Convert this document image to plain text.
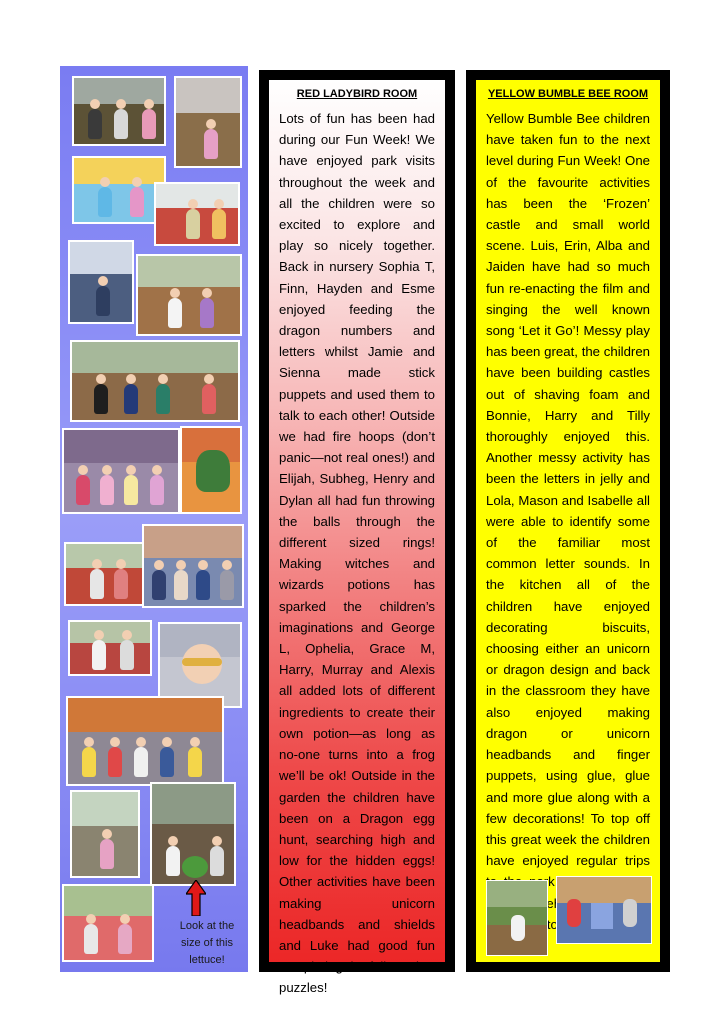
Look at the size of this lettuce!
RED LADYBIRD ROOM
Lots of fun has been had during our Fun Week! We have enjoyed park visits throughout the week and all the children were so excited to explore and play so nicely together. Back in nursery Sophia T, Finn, Hayden and Esme enjoyed feeding the dragon numbers and letters whilst Jamie and Sienna made stick puppets and used them to talk to each other! Outside we had fire hoops (don’t panic—not real ones!) and Elijah, Subheg, Henry and Dylan all had fun throwing the balls through the different sized rings! Making witches and wizards potions has sparked the children’s imaginations and George L, Ophelia, Grace M, Harry, Murray and Alexis all added lots of different ingredients to create their own potion—as long as no-one turns into a frog we’ll be ok! Outside in the garden the children have been on a Dragon egg hunt, searching high and low for the hidden eggs! Other activities have been making unicorn headbands and shields and Luke had good fun completing the foil number puzzles!
YELLOW BUMBLE BEE ROOM
Yellow Bumble Bee children have taken fun to the next level during Fun Week! One of the favourite activities has been the ‘Frozen’ castle and small world scene. Luis, Erin, Alba and Jaiden have had so much fun re-enacting the film and singing the well known song ‘Let it Go’! Messy play has been great, the children have been building castles out of shaving foam and Bonnie, Harry and Tilly thoroughly enjoyed this. Another messy activity has been the letters in jelly and Lola, Mason and Isabelle all were able to identify some of the familiar most common letter sounds. In the kitchen all of the children have enjoyed decorating biscuits, choosing either an unicorn or dragon design and back in the classroom they have also enjoyed making dragon or unicorn headbands and finger puppets, using glue, glue and more glue along with a few decorations! To top off this great week the children have enjoyed regular trips
